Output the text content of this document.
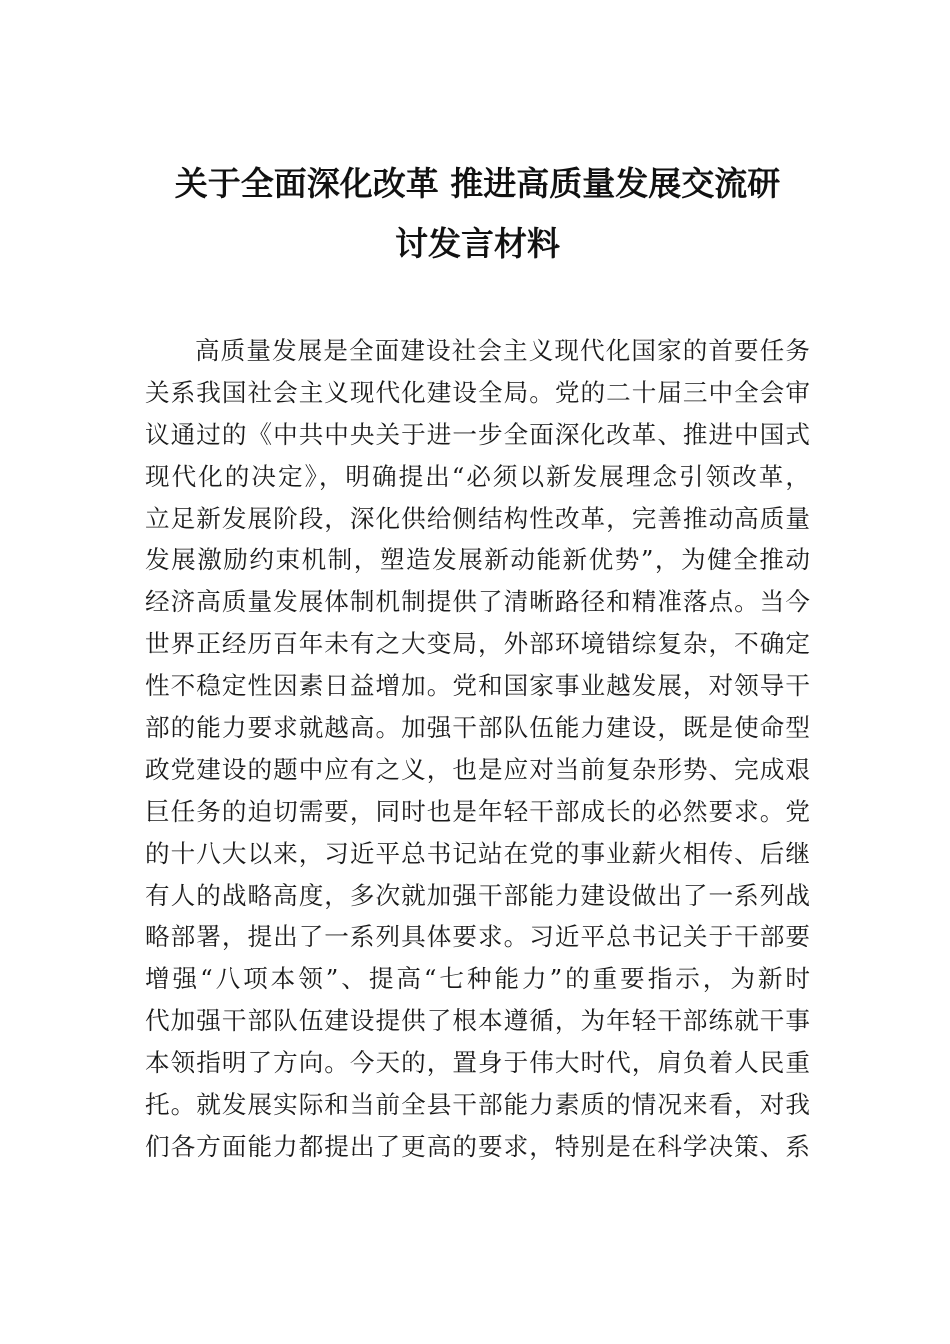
关于全面深化改革 推进高质量发展交流研
讨发言材料
高质量发展是全面建设社会主义现代化国家的首要任务
关系我国社会主义现代化建设全局。党的二十届三中全会审
议通过的《中共中央关于进一步全面深化改革、推进中国式
现代化的决定》，明确提出“必须以新发展理念引领改革，
立足新发展阶段，深化供给侧结构性改革，完善推动高质量
发展激励约束机制，塑造发展新动能新优势”，为健全推动
经济高质量发展体制机制提供了清晰路径和精准落点。当今
世界正经历百年未有之大变局，外部环境错综复杂，不确定
性不稳定性因素日益增加。党和国家事业越发展，对领导干
部的能力要求就越高。加强干部队伍能力建设，既是使命型
政党建设的题中应有之义，也是应对当前复杂形势、完成艰
巨任务的迫切需要，同时也是年轻干部成长的必然要求。党
的十八大以来，习近平总书记站在党的事业薪火相传、后继
有人的战略高度，多次就加强干部能力建设做出了一系列战
略部署，提出了一系列具体要求。习近平总书记关于干部要
增强“八项本领”、提高“七种能力”的重要指示，为新时
代加强干部队伍建设提供了根本遵循，为年轻干部练就干事
本领指明了方向。今天的，置身于伟大时代，肩负着人民重
托。就发展实际和当前全县干部能力素质的情况来看，对我
们各方面能力都提出了更高的要求，特别是在科学决策、系
